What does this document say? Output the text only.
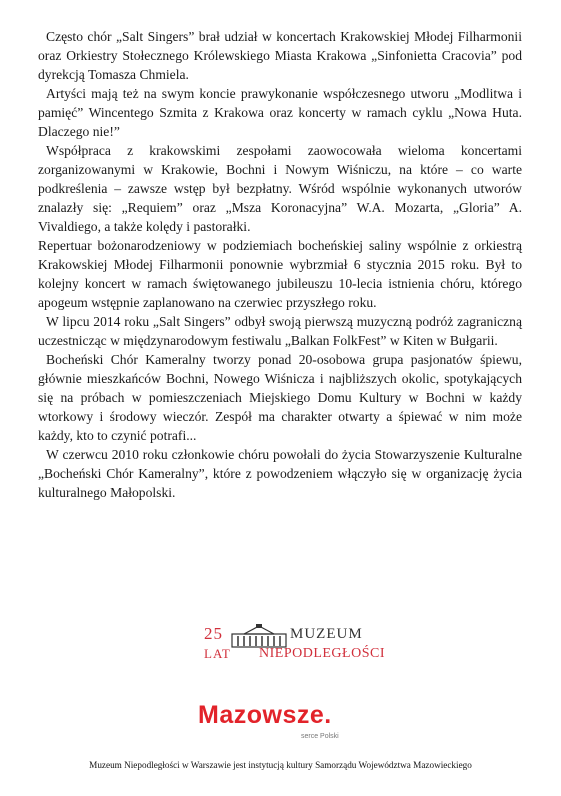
Często chór „Salt Singers” brał udział w koncertach Krakowskiej Młodej Filharmonii oraz Orkiestry Stołecznego Królewskiego Miasta Krakowa „Sinfonietta Cracovia” pod dyrekcją Tomasza Chmiela.

Artyści mają też na swym koncie prawykonanie współczesnego utworu „Modlitwa i pamięć” Wincentego Szmita z Krakowa oraz koncerty w ramach cyklu „Nowa Huta. Dlaczego nie!”

Współpraca z krakowskimi zespołami zaowocowała wieloma koncertami zorganizowanymi w Krakowie, Bochni i Nowym Wiśniczu, na które – co warte podkreślenia – zawsze wstęp był bezpłatny. Wśród wspólnie wykonanych utworów znalazły się: „Requiem” oraz „Msza Koronacyjna” W.A. Mozarta, „Gloria” A. Vivaldiego, a także kolędy i pastorałki.

Repertuar bożonarodzeniowy w podziemiach bocheńskiej saliny wspólnie z orkiestrą Krakowskiej Młodej Filharmonii ponownie wybrzmiał 6 stycznia 2015 roku. Był to kolejny koncert w ramach świętowanego jubileuszu 10-lecia istnienia chóru, którego apogeum wstępnie zaplanowano na czerwiec przyszłego roku.

W lipcu 2014 roku „Salt Singers” odbył swoją pierwszą muzyczną podróż zagraniczną uczestnicząc w międzynarodowym festiwalu „Balkan FolkFest” w Kiten w Bułgarii.

Bocheński Chór Kameralny tworzy ponad 20-osobowa grupa pasjonatów śpiewu, głównie mieszkańców Bochni, Nowego Wiśnicza i najbliższych okolic, spotykających się na próbach w pomieszczeniach Miejskiego Domu Kultury w Bochni w każdy wtorkowy i środowy wieczór. Zespół ma charakter otwarty a śpiewać w nim może każdy, kto to czynić potrafi...

W czerwcu 2010 roku członkowie chóru powołali do życia Stowarzyszenie Kulturalne „Bocheński Chór Kameralny”, które z powodzeniem włączyło się w organizację życia kulturalnego Małopolski.

25
LAT
MUZEUM
NIEPODLEGŁOŚCI
Mazowsze.
serce Polski
Muzeum Niepodległości w Warszawie jest instytucją kultury Samorządu Województwa Mazowieckiego
